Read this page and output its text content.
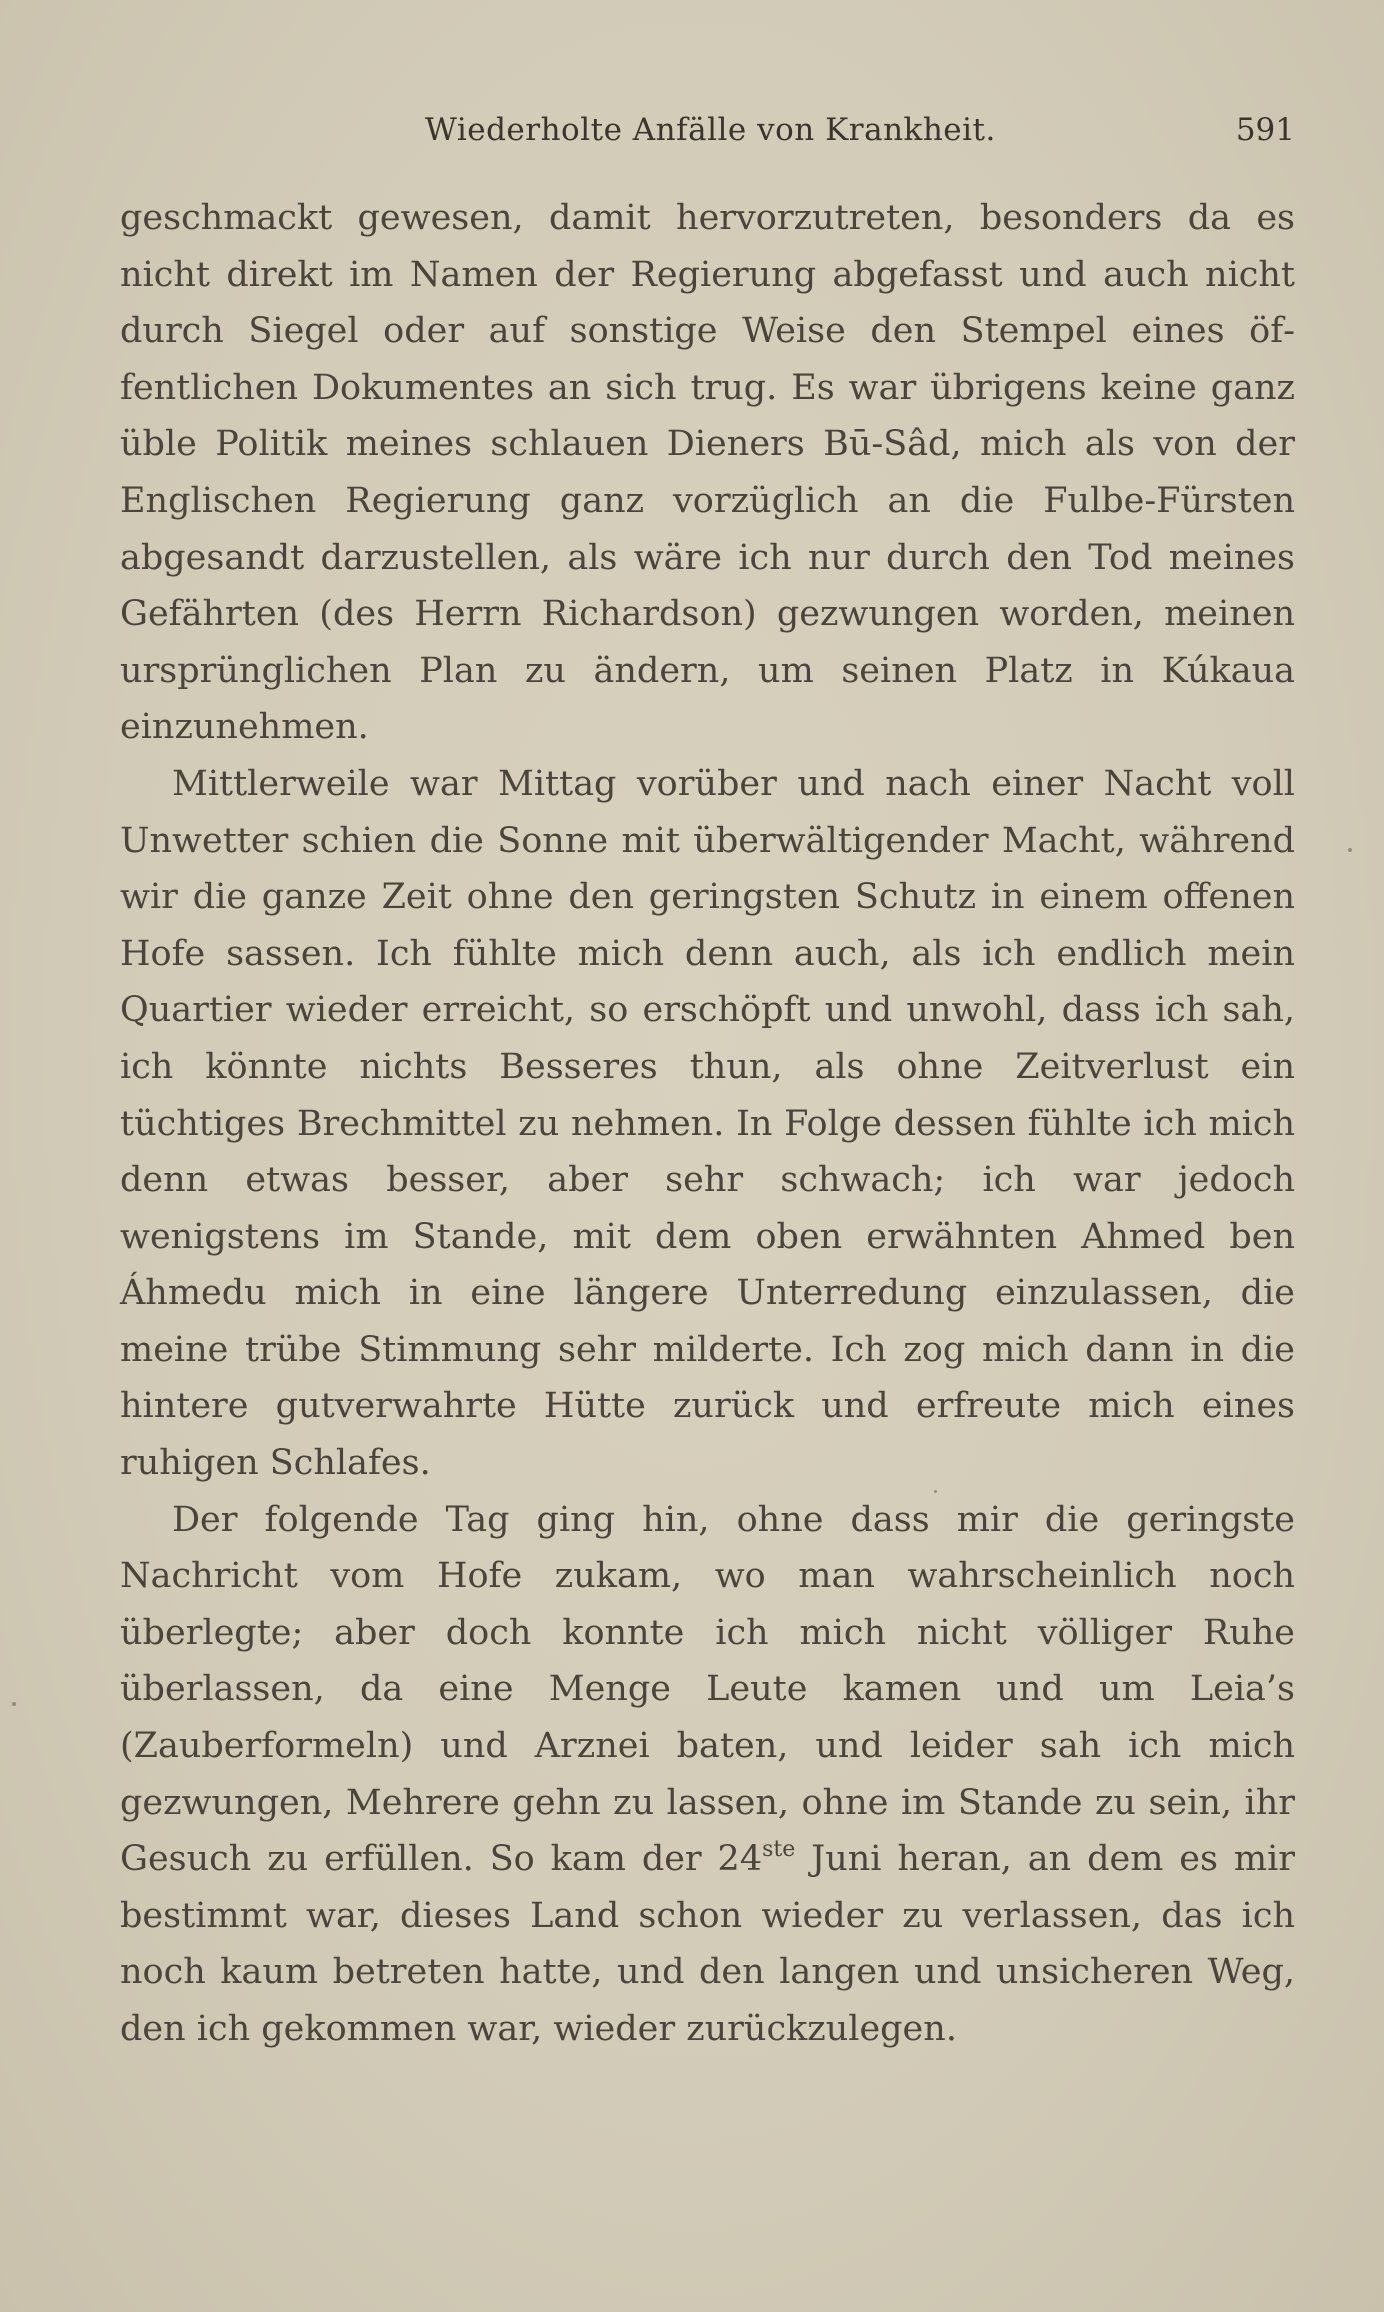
Wiederholte Anfälle von Krankheit.	591

geschmackt gewesen, damit hervorzutreten, besonders da es nicht direkt im Namen der Regierung abgefasst und auch nicht durch Siegel oder auf sonstige Weise den Stempel eines öffentlichen Dokumentes an sich trug. Es war übrigens keine ganz üble Politik meines schlauen Dieners Bū-Sâd, mich als von der Englischen Regierung ganz vorzüglich an die Fulbe-Fürsten abgesandt darzustellen, als wäre ich nur durch den Tod meines Gefährten (des Herrn Richardson) gezwungen worden, meinen ursprünglichen Plan zu ändern, um seinen Platz in Kúkaua einzunehmen.

Mittlerweile war Mittag vorüber und nach einer Nacht voll Unwetter schien die Sonne mit überwältigender Macht, während wir die ganze Zeit ohne den geringsten Schutz in einem offenen Hofe sassen. Ich fühlte mich denn auch, als ich endlich mein Quartier wieder erreicht, so erschöpft und unwohl, dass ich sah, ich könnte nichts Besseres thun, als ohne Zeitverlust ein tüchtiges Brechmittel zu nehmen. In Folge dessen fühlte ich mich denn etwas besser, aber sehr schwach; ich war jedoch wenigstens im Stande, mit dem oben erwähnten Ahmed ben Áhmedu mich in eine längere Unterredung einzulassen, die meine trübe Stimmung sehr milderte. Ich zog mich dann in die hintere gutverwahrte Hütte zurück und erfreute mich eines ruhigen Schlafes.

Der folgende Tag ging hin, ohne dass mir die geringste Nachricht vom Hofe zukam, wo man wahrscheinlich noch überlegte; aber doch konnte ich mich nicht völliger Ruhe überlassen, da eine Menge Leute kamen und um Leia’s (Zauberformeln) und Arznei baten, und leider sah ich mich gezwungen, Mehrere gehn zu lassen, ohne im Stande zu sein, ihr Gesuch zu erfüllen. So kam der 24ste Juni heran, an dem es mir bestimmt war, dieses Land schon wieder zu verlassen, das ich noch kaum betreten hatte, und den langen und unsicheren Weg, den ich gekommen war, wieder zurückzulegen.
